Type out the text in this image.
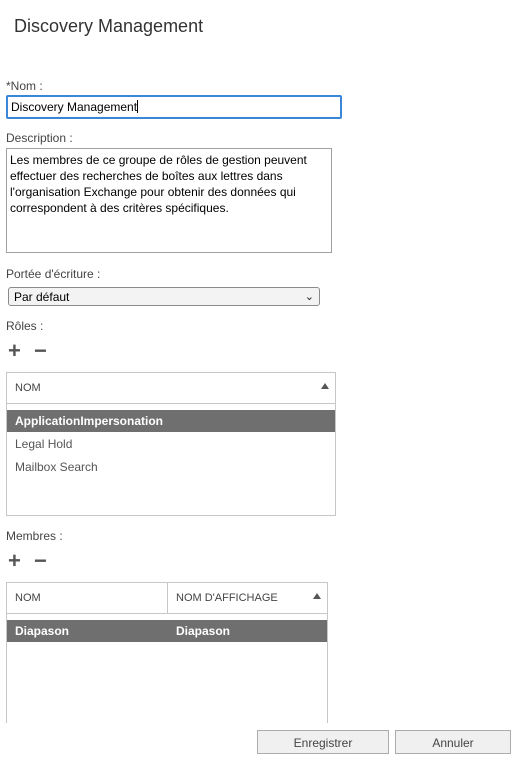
Discovery Management
*Nom :
Discovery Management
Description :
Les membres de ce groupe de rôles de gestion peuvent effectuer des recherches de boîtes aux lettres dans l'organisation Exchange pour obtenir des données qui correspondent à des critères spécifiques.
Portée d'écriture :
Par défaut	⌄
Rôles :
+ −
NOM
ApplicationImpersonation
Legal Hold
Mailbox Search
Membres :
+ −
NOM	NOM D'AFFICHAGE
Diapason	Diapason
Enregistrer	Annuler
